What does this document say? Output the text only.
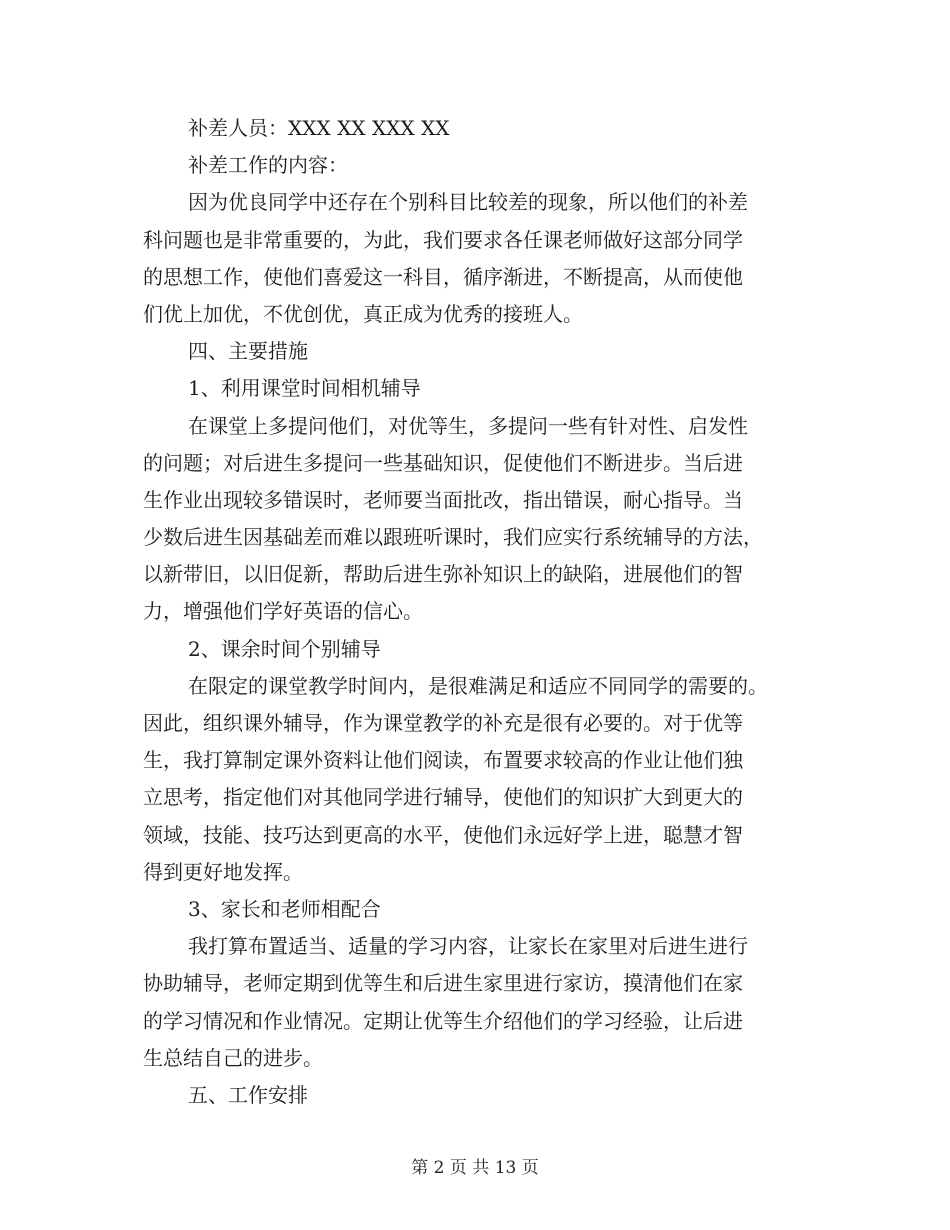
补差人员：XXX XX XXX XX
补差工作的内容：
因为优良同学中还存在个别科目比较差的现象，所以他们的补差
科问题也是非常重要的，为此，我们要求各任课老师做好这部分同学
的思想工作，使他们喜爱这一科目，循序渐进，不断提高，从而使他
们优上加优，不优创优，真正成为优秀的接班人。
四、主要措施
1、利用课堂时间相机辅导
在课堂上多提问他们，对优等生，多提问一些有针对性、启发性
的问题；对后进生多提问一些基础知识，促使他们不断进步。当后进
生作业出现较多错误时，老师要当面批改，指出错误，耐心指导。当
少数后进生因基础差而难以跟班听课时，我们应实行系统辅导的方法，
以新带旧，以旧促新，帮助后进生弥补知识上的缺陷，进展他们的智
力，增强他们学好英语的信心。
2、课余时间个别辅导
在限定的课堂教学时间内，是很难满足和适应不同同学的需要的。
因此，组织课外辅导，作为课堂教学的补充是很有必要的。对于优等
生，我打算制定课外资料让他们阅读，布置要求较高的作业让他们独
立思考，指定他们对其他同学进行辅导，使他们的知识扩大到更大的
领域，技能、技巧达到更高的水平，使他们永远好学上进，聪慧才智
得到更好地发挥。
3、家长和老师相配合
我打算布置适当、适量的学习内容，让家长在家里对后进生进行
协助辅导，老师定期到优等生和后进生家里进行家访，摸清他们在家
的学习情况和作业情况。定期让优等生介绍他们的学习经验，让后进
生总结自己的进步。
五、工作安排
第 2 页 共 13 页
